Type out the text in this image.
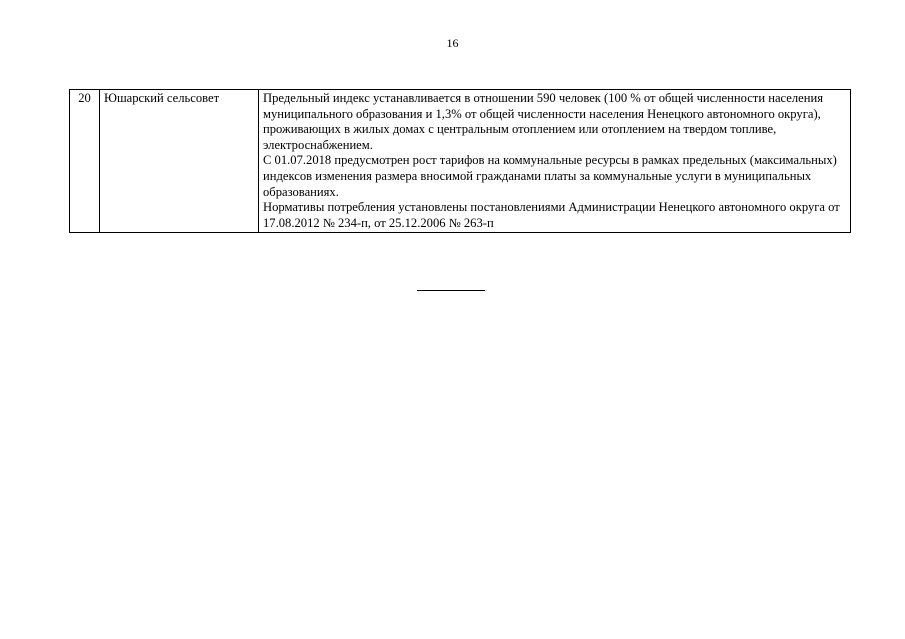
16
20	Юшарский сельсовет	Предельный индекс устанавливается в отношении 590 человек (100 % от общей численности населения муниципального образования и 1,3% от общей численности населения Ненецкого автономного округа), проживающих в жилых домах с центральным отоплением или отоплением на твердом топливе, электроснабжением.
С 01.07.2018 предусмотрен рост тарифов на коммунальные ресурсы в рамках предельных (максимальных) индексов изменения размера вносимой гражданами платы за коммунальные услуги в муниципальных образованиях.
Нормативы потребления установлены постановлениями Администрации Ненецкого автономного округа от 17.08.2012 № 234-п, от 25.12.2006 № 263-п
